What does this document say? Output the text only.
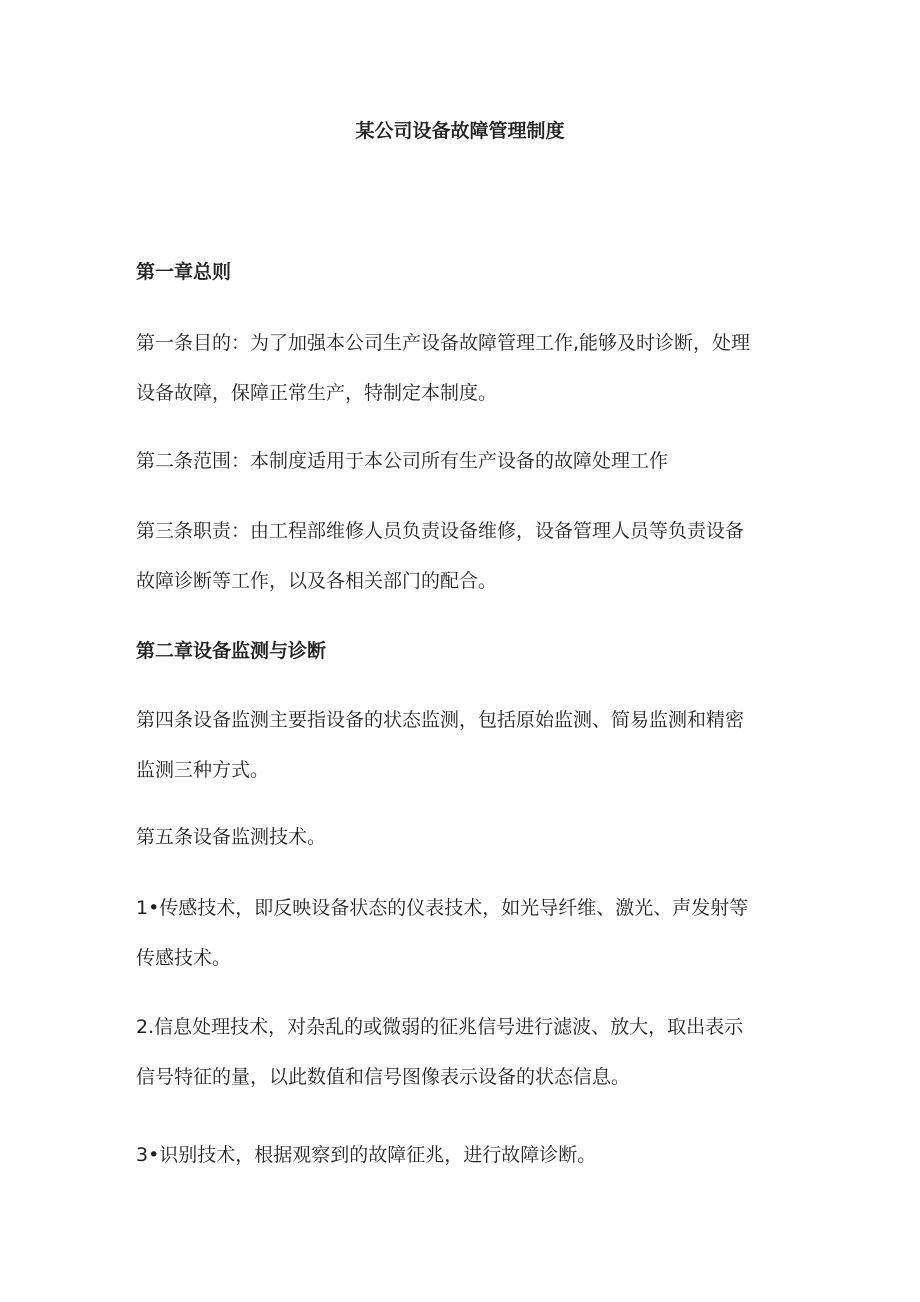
某公司设备故障管理制度
第一章总则
第一条目的：为了加强本公司生产设备故障管理工作,能够及时诊断，处理
设备故障，保障正常生产，特制定本制度。
第二条范围：本制度适用于本公司所有生产设备的故障处理工作
第三条职责：由工程部维修人员负责设备维修，设备管理人员等负责设备
故障诊断等工作，以及各相关部门的配合。
第二章设备监测与诊断
第四条设备监测主要指设备的状态监测，包括原始监测、简易监测和精密
监测三种方式。
第五条设备监测技术。
1•传感技术，即反映设备状态的仪表技术，如光导纤维、激光、声发射等
传感技术。
2.信息处理技术，对杂乱的或微弱的征兆信号进行滤波、放大，取出表示
信号特征的量，以此数值和信号图像表示设备的状态信息。
3•识别技术，根据观察到的故障征兆，进行故障诊断。
